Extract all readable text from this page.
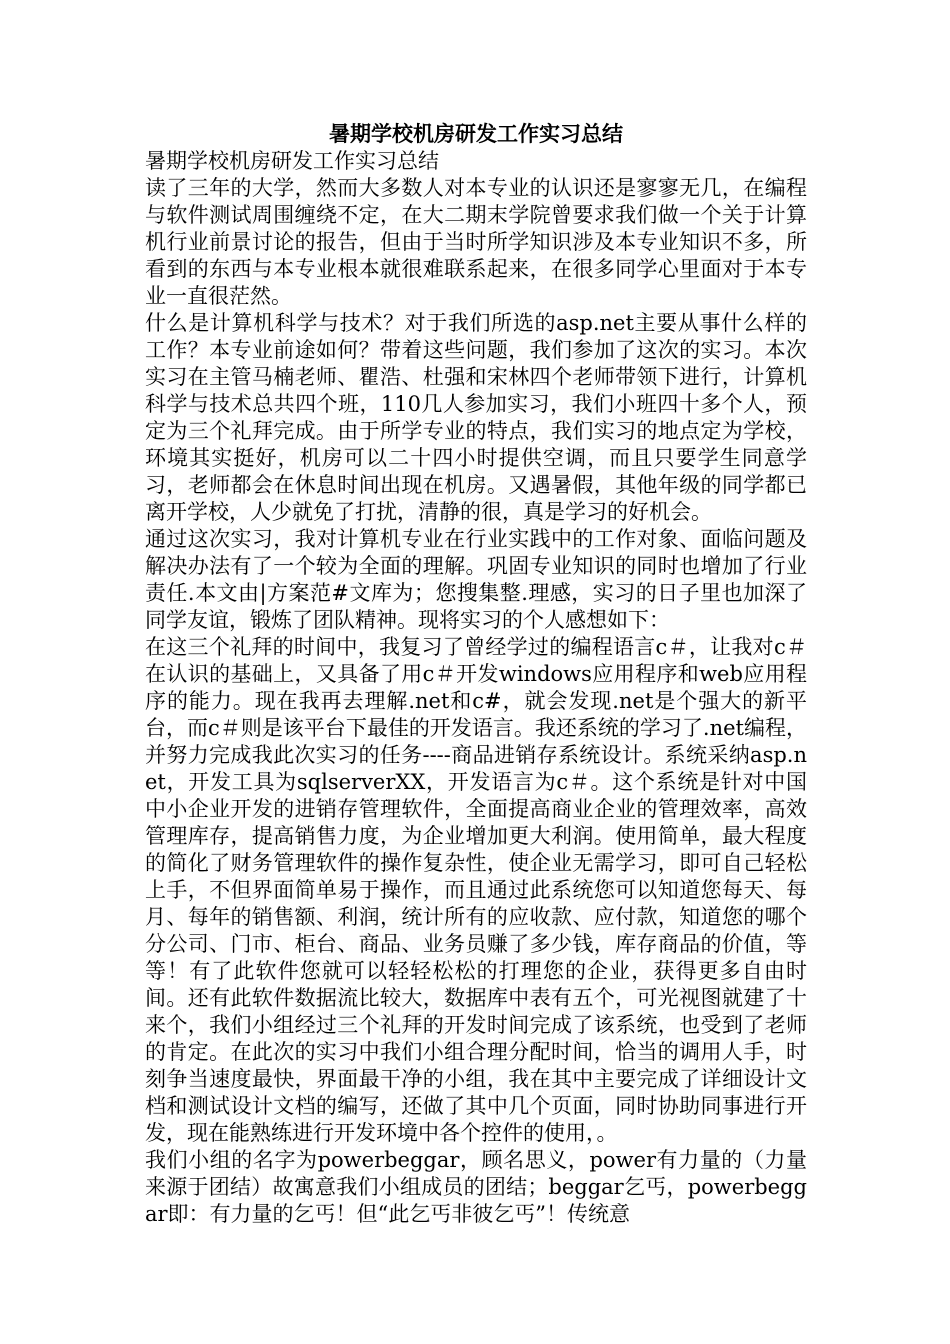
暑期学校机房研发工作实习总结

暑期学校机房研发工作实习总结

读了三年的大学，然而大多数人对本专业的认识还是寥寥无几，在编程与软件测试周围缠绕不定，在大二期末学院曾要求我们做一个关于计算机行业前景讨论的报告，但由于当时所学知识涉及本专业知识不多，所看到的东西与本专业根本就很难联系起来，在很多同学心里面对于本专业一直很茫然。

什么是计算机科学与技术？对于我们所选的asp.net主要从事什么样的工作？本专业前途如何？带着这些问题，我们参加了这次的实习。本次实习在主管马楠老师、瞿浩、杜强和宋林四个老师带领下进行，计算机科学与技术总共四个班，110几人参加实习，我们小班四十多个人，预定为三个礼拜完成。由于所学专业的特点，我们实习的地点定为学校，环境其实挺好，机房可以二十四小时提供空调，而且只要学生同意学习，老师都会在休息时间出现在机房。又遇暑假，其他年级的同学都已离开学校，人少就免了打扰，清静的很，真是学习的好机会。

通过这次实习，我对计算机专业在行业实践中的工作对象、面临问题及解决办法有了一个较为全面的理解。巩固专业知识的同时也增加了行业责任.本文由|方案范#文库为；您搜集整.理感，实习的日子里也加深了同学友谊，锻炼了团队精神。现将实习的个人感想如下：

在这三个礼拜的时间中，我复习了曾经学过的编程语言c＃，让我对c＃在认识的基础上，又具备了用c＃开发windows应用程序和web应用程序的能力。现在我再去理解.net和c#，就会发现.net是个强大的新平台，而c＃则是该平台下最佳的开发语言。我还系统的学习了.net编程，并努力完成我此次实习的任务----商品进销存系统设计。系统采纳asp.net，开发工具为sqlserverXX，开发语言为c＃。这个系统是针对中国中小企业开发的进销存管理软件，全面提高商业企业的管理效率，高效管理库存，提高销售力度，为企业增加更大利润。使用简单，最大程度的简化了财务管理软件的操作复杂性，使企业无需学习，即可自己轻松上手，不但界面简单易于操作，而且通过此系统您可以知道您每天、每月、每年的销售额、利润，统计所有的应收款、应付款，知道您的哪个分公司、门市、柜台、商品、业务员赚了多少钱，库存商品的价值，等等！有了此软件您就可以轻轻松松的打理您的企业，获得更多自由时间。还有此软件数据流比较大，数据库中表有五个，可光视图就建了十来个，我们小组经过三个礼拜的开发时间完成了该系统，也受到了老师的肯定。在此次的实习中我们小组合理分配时间，恰当的调用人手，时刻争当速度最快，界面最干净的小组，我在其中主要完成了详细设计文档和测试设计文档的编写，还做了其中几个页面，同时协助同事进行开发，现在能熟练进行开发环境中各个控件的使用，。

我们小组的名字为powerbeggar，顾名思义，power有力量的（力量来源于团结）故寓意我们小组成员的团结；beggar乞丐，powerbeggar即：有力量的乞丐！但“此乞丐非彼乞丐”！传统意
